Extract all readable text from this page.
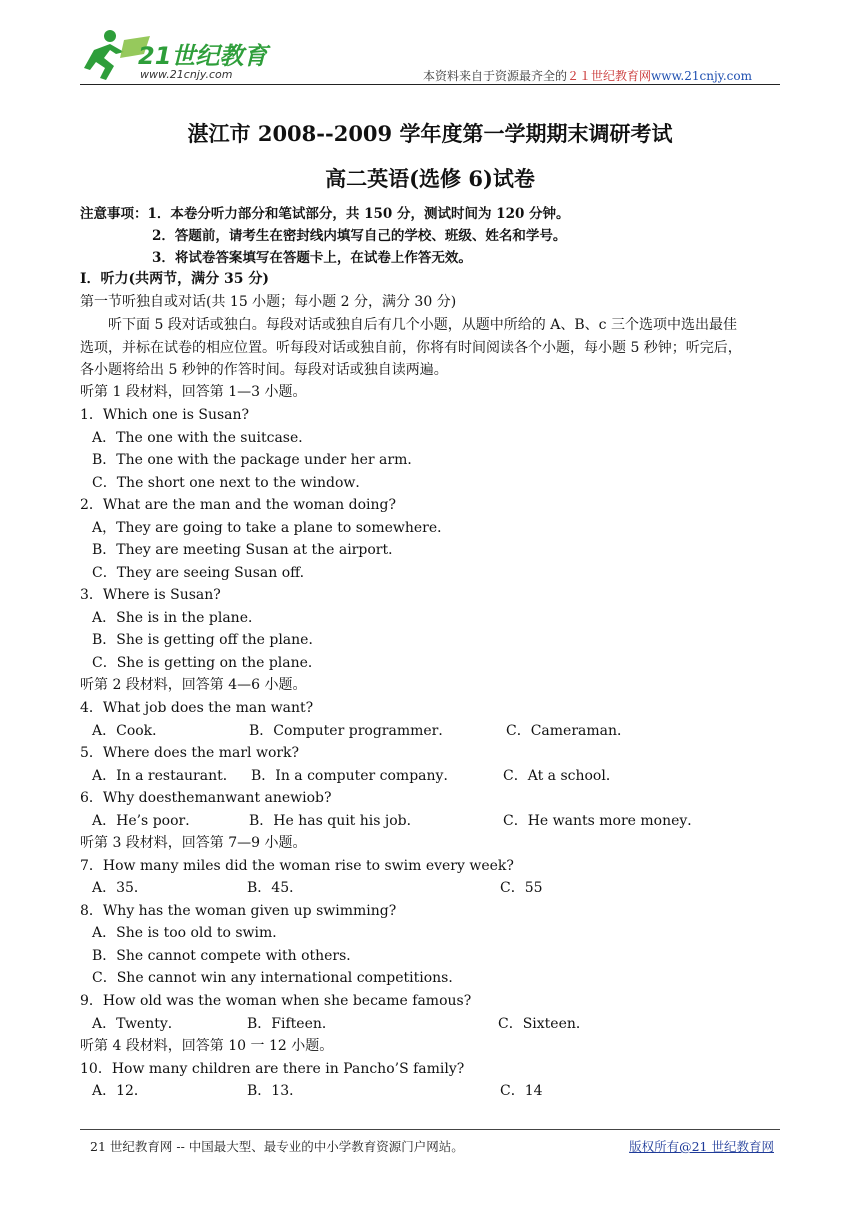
21世纪教育
www.21cnjy.com	本资料来自于资源最齐全的２１世纪教育网www.21cnjy.com
湛江市 2008--2009 学年度第一学期期末调研考试
高二英语(选修 6)试卷
注意事项：1．本卷分听力部分和笔试部分，共 150 分，测试时间为 120 分钟。
2．答题前，请考生在密封线内填写自己的学校、班级、姓名和学号。
3．将试卷答案填写在答题卡上，在试卷上作答无效。
I．听力(共两节，满分 35 分)
第一节听独自或对话(共 15 小题；每小题 2 分，满分 30 分)
听下面 5 段对话或独白。每段对话或独自后有几个小题，从题中所给的 A、B、c 三个选项中选出最佳
选项，并标在试卷的相应位置。听每段对话或独自前，你将有时间阅读各个小题，每小题 5 秒钟；听完后，
各小题将给出 5 秒钟的作答时间。每段对话或独自读两遍。
听第 1 段材料，回答第 1—3 小题。
1．Which one is Susan?
A．The one with the suitcase．
B．The one with the package under her arm．
C．The short one next to the window．
2．What are the man and the woman doing?
A，They are going to take a plane to somewhere．
B．They are meeting Susan at the airport．
C．They are seeing Susan off.
3．Where is Susan?
A．She is in the plane．
B．She is getting off the plane．
C．She is getting on the plane．
听第 2 段材料，回答第 4—6 小题。
4．What job does the man want?
A．Cook．	B．Computer programmer．	C．Cameraman．
5．Where does the marl work?
A．In a restaurant． B．In a computer company．	C．At a school．
6．Why doesthemanwant anewiob?
A．He’s poor．	B．He has quit his job．	C．He wants more money．
听第 3 段材料，回答第 7—9 小题。
7．How many miles did the woman rise to swim every week?
A．35．	B．45．	C．55
8．Why has the woman given up swimming?
A．She is too old to swim．
B．She cannot compete with others．
C．She cannot win any international competitions．
9．How old was the woman when she became famous?
A．Twenty．	B．Fifteen．	C．Sixteen．
听第 4 段材料，回答第 10 一 12 小题。
10．How many children are there in Pancho’S family?
A．12．	B．13．	C．14
21 世纪教育网 -- 中国最大型、最专业的中小学教育资源门户网站。	版权所有@21 世纪教育网
